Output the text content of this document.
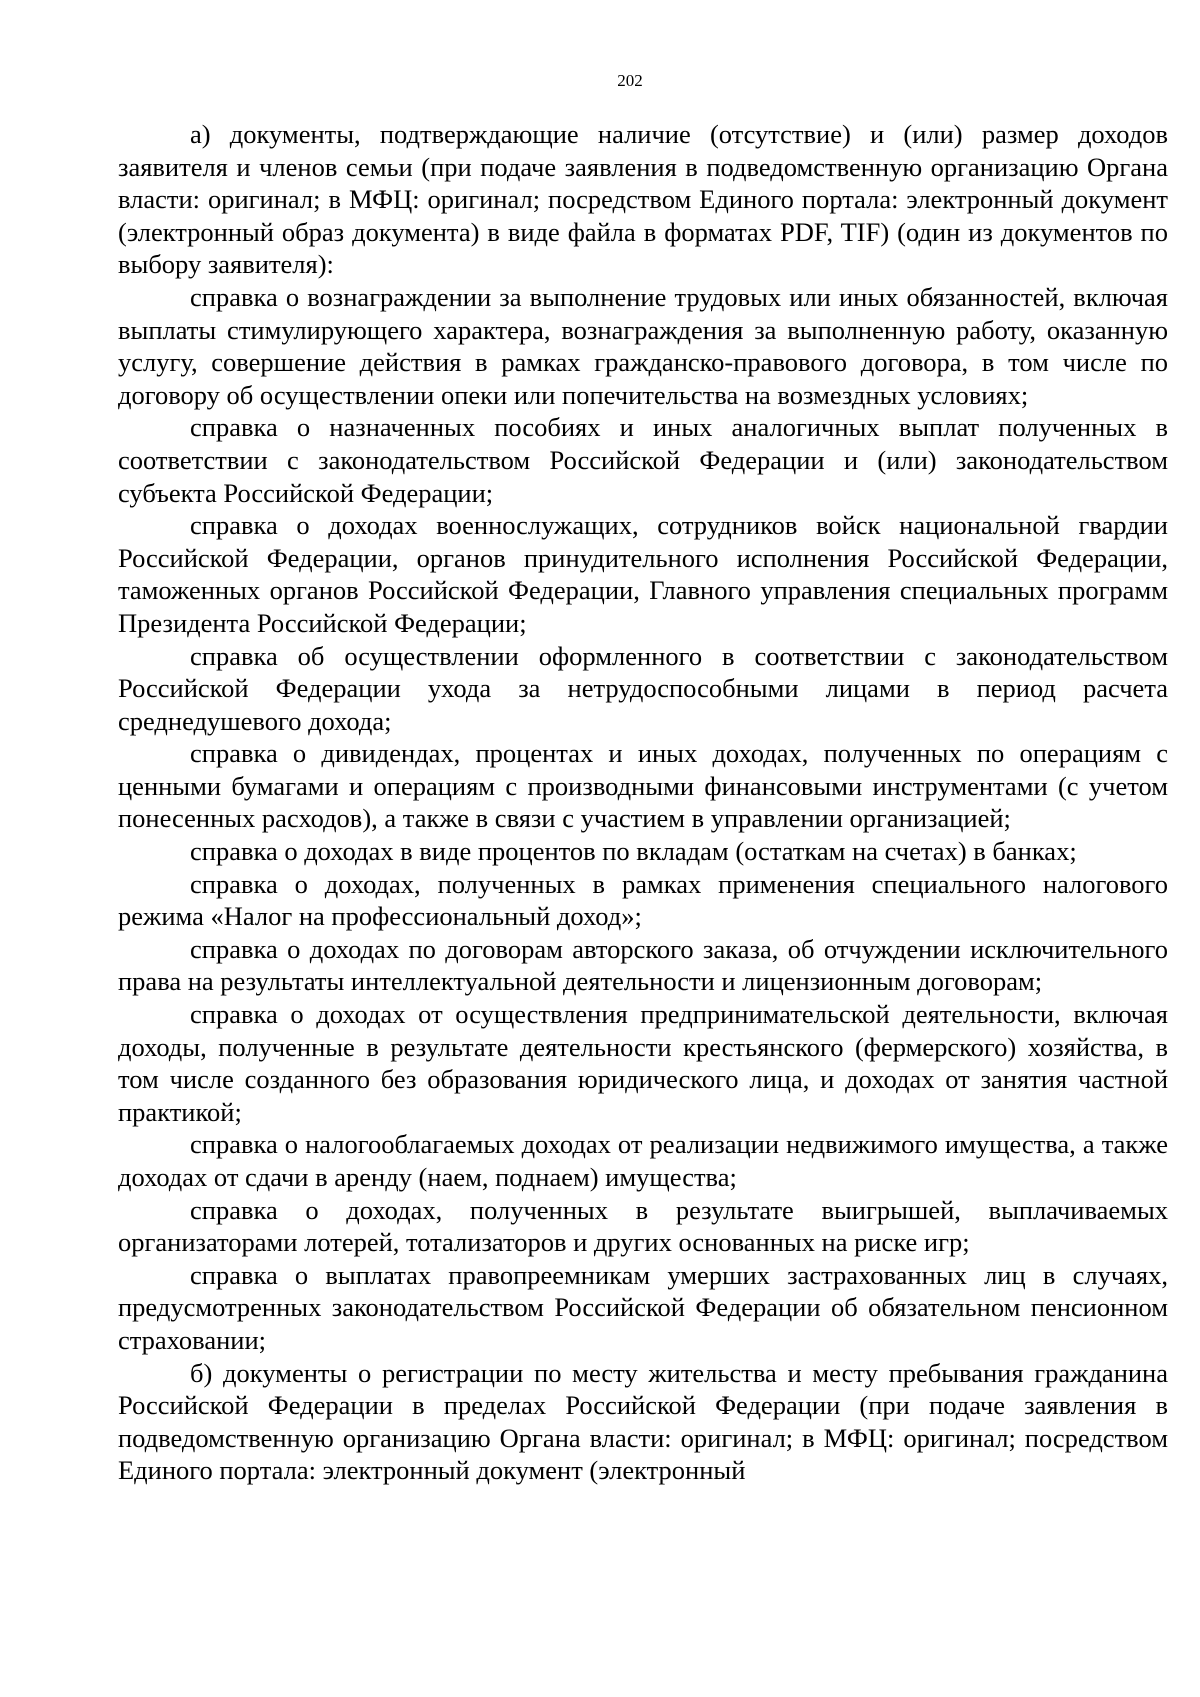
202

а) документы, подтверждающие наличие (отсутствие) и (или) размер доходов заявителя и членов семьи (при подаче заявления в подведомственную организацию Органа власти: оригинал; в МФЦ: оригинал; посредством Единого портала: электронный документ (электронный образ документа) в виде файла в форматах PDF, TIF) (один из документов по выбору заявителя):

справка о вознаграждении за выполнение трудовых или иных обязанностей, включая выплаты стимулирующего характера, вознаграждения за выполненную работу, оказанную услугу, совершение действия в рамках гражданско-правового договора, в том числе по договору об осуществлении опеки или попечительства на возмездных условиях;

справка о назначенных пособиях и иных аналогичных выплат полученных в соответствии с законодательством Российской Федерации и (или) законодательством субъекта Российской Федерации;

справка о доходах военнослужащих, сотрудников войск национальной гвардии Российской Федерации, органов принудительного исполнения Российской Федерации, таможенных органов Российской Федерации, Главного управления специальных программ Президента Российской Федерации;

справка об осуществлении оформленного в соответствии с законодательством Российской Федерации ухода за нетрудоспособными лицами в период расчета среднедушевого дохода;

справка о дивидендах, процентах и иных доходах, полученных по операциям с ценными бумагами и операциям с производными финансовыми инструментами (с учетом понесенных расходов), а также в связи с участием в управлении организацией;

справка о доходах в виде процентов по вкладам (остаткам на счетах) в банках;

справка о доходах, полученных в рамках применения специального налогового режима «Налог на профессиональный доход»;

справка о доходах по договорам авторского заказа, об отчуждении исключительного права на результаты интеллектуальной деятельности и лицензионным договорам;

справка о доходах от осуществления предпринимательской деятельности, включая доходы, полученные в результате деятельности крестьянского (фермерского) хозяйства, в том числе созданного без образования юридического лица, и доходах от занятия частной практикой;

справка о налогооблагаемых доходах от реализации недвижимого имущества, а также доходах от сдачи в аренду (наем, поднаем) имущества;

справка о доходах, полученных в результате выигрышей, выплачиваемых организаторами лотерей, тотализаторов и других основанных на риске игр;

справка о выплатах правопреемникам умерших застрахованных лиц в случаях, предусмотренных законодательством Российской Федерации об обязательном пенсионном страховании;

б) документы о регистрации по месту жительства и месту пребывания гражданина Российской Федерации в пределах Российской Федерации (при подаче заявления в подведомственную организацию Органа власти: оригинал; в МФЦ: оригинал; посредством Единого портала: электронный документ (электронный
